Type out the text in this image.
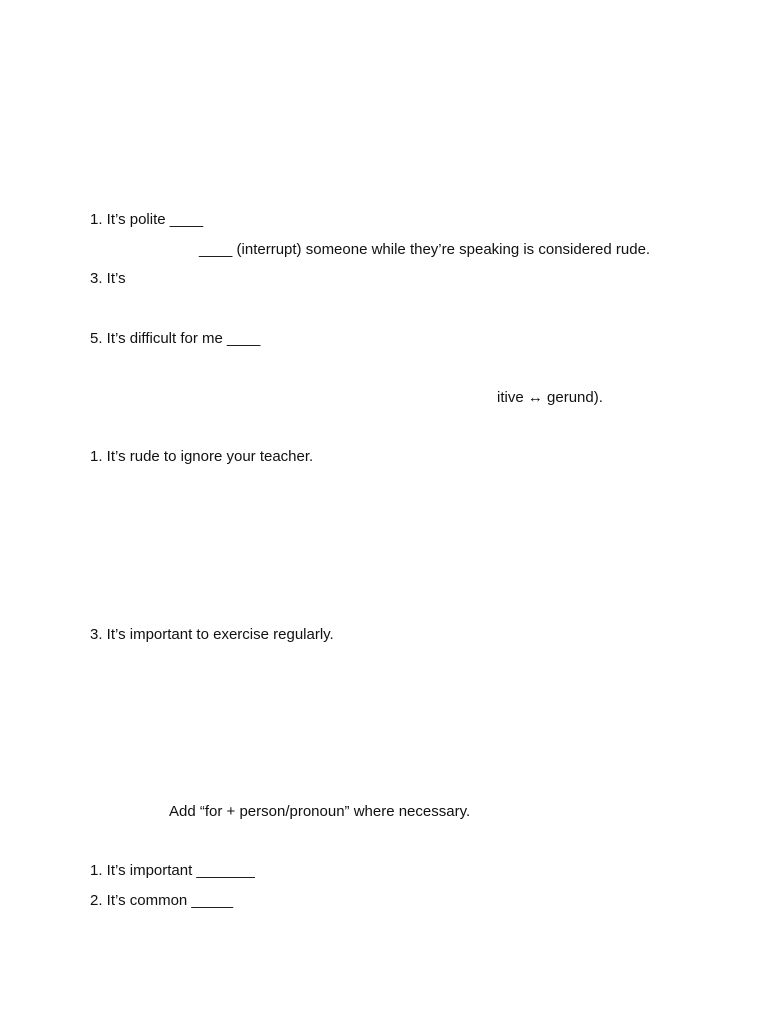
1. It’s polite ____

____ (interrupt) someone while they’re speaking is considered rude.

3. It’s

5. It’s difficult for me ____

itive ↔ gerund).

1. It’s rude to ignore your teacher.

3. It’s important to exercise regularly.

Add “for + person/pronoun” where necessary.

1. It’s important _______

2. It’s common _____
